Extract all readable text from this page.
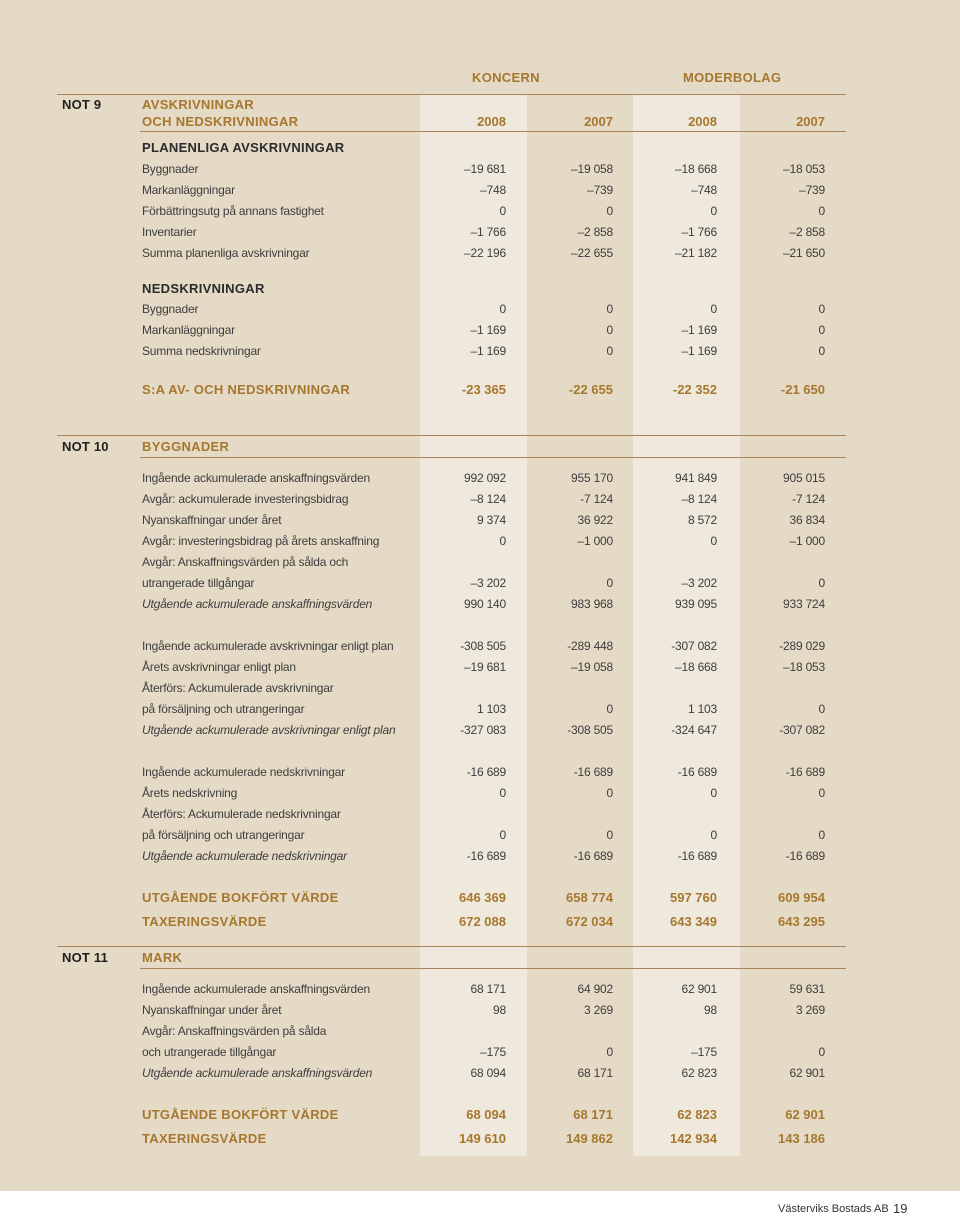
KONCERN	MODERBOLAG
NOT 9	AVSKRIVNINGAR
OCH NEDSKRIVNINGAR	2008	2007	2008	2007
PLANENLIGA AVSKRIVNINGAR
Byggnader	–19 681	–19 058	–18 668	–18 053
Markanläggningar	–748	–739	–748	–739
Förbättringsutg på annans fastighet	0	0	0	0
Inventarier	–1 766	–2 858	–1 766	–2 858
Summa planenliga avskrivningar	–22 196	–22 655	–21 182	–21 650
NEDSKRIVNINGAR
Byggnader	0	0	0	0
Markanläggningar	–1 169	0	–1 169	0
Summa nedskrivningar	–1 169	0	–1 169	0
S:A AV- OCH NEDSKRIVNINGAR	-23 365	-22 655	-22 352	-21 650
NOT 10	BYGGNADER
Ingående ackumulerade anskaffningsvärden	992 092	955 170	941 849	905 015
Avgår: ackumulerade investeringsbidrag	–8 124	-7 124	–8 124	-7 124
Nyanskaffningar under året	9 374	36 922	8 572	36 834
Avgår: investeringsbidrag på årets anskaffning	0	–1 000	0	–1 000
Avgår: Anskaffningsvärden på sålda och
utrangerade tillgångar	–3 202	0	–3 202	0
Utgående ackumulerade anskaffningsvärden	990 140	983 968	939 095	933 724
Ingående ackumulerade avskrivningar enligt plan	-308 505	-289 448	-307 082	-289 029
Årets avskrivningar enligt plan	–19 681	–19 058	–18 668	–18 053
Återförs: Ackumulerade avskrivningar
på försäljning och utrangeringar	1 103	0	1 103	0
Utgående ackumulerade avskrivningar enligt plan	-327 083	-308 505	-324 647	-307 082
Ingående ackumulerade nedskrivningar	-16 689	-16 689	-16 689	-16 689
Årets nedskrivning	0	0	0	0
Återförs: Ackumulerade nedskrivningar
på försäljning och utrangeringar	0	0	0	0
Utgående ackumulerade nedskrivningar	-16 689	-16 689	-16 689	-16 689
UTGÅENDE BOKFÖRT VÄRDE	646 369	658 774	597 760	609 954
TAXERINGSVÄRDE	672 088	672 034	643 349	643 295
NOT 11	MARK
Ingående ackumulerade anskaffningsvärden	68 171	64 902	62 901	59 631
Nyanskaffningar under året	98	3 269	98	3 269
Avgår: Anskaffningsvärden på sålda
och utrangerade tillgångar	–175	0	–175	0
Utgående ackumulerade anskaffningsvärden	68 094	68 171	62 823	62 901
UTGÅENDE BOKFÖRT VÄRDE	68 094	68 171	62 823	62 901
TAXERINGSVÄRDE	149 610	149 862	142 934	143 186
Västerviks Bostads AB 19
